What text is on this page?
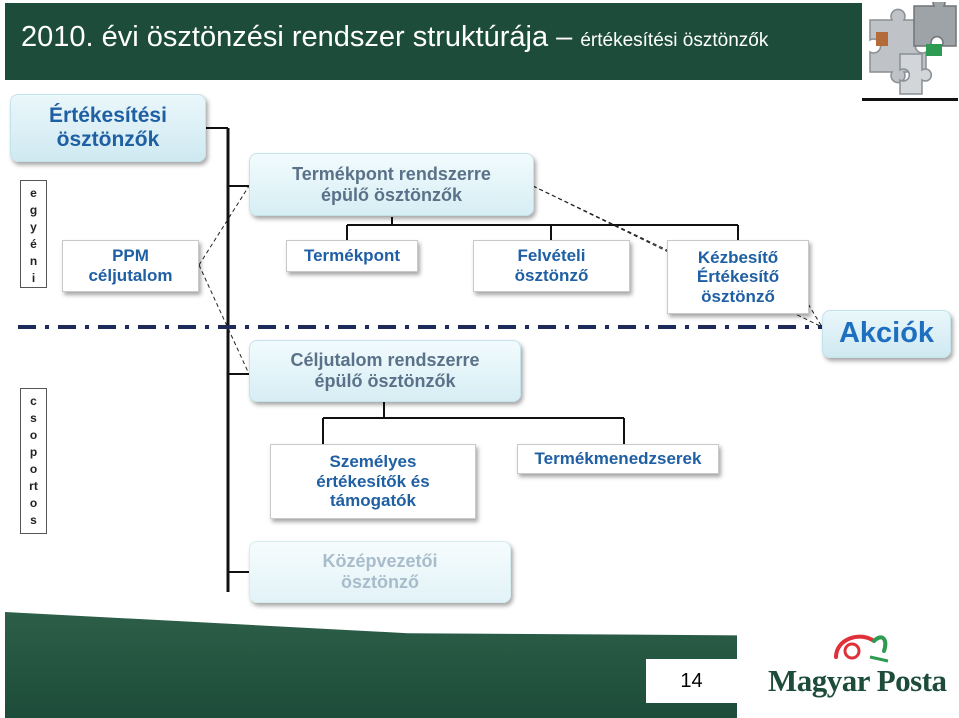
2010. évi ösztönzési rendszer struktúrája – értékesítési ösztönzők
Értékesítési ösztönzők
e
g
y
é
n
i
c
s
o
p
o
rt
o
s
PPM céljutalom
Termékpont rendszerre épülő ösztönzők
Termékpont	Felvételi ösztönző
Kézbesítő Értékesítő ösztönző
Akciók
Céljutalom rendszerre épülő ösztönzők
Személyes értékesítők és támogatók
Termékmenedzserek
Középvezetői ösztönző
14	Magyar Posta
